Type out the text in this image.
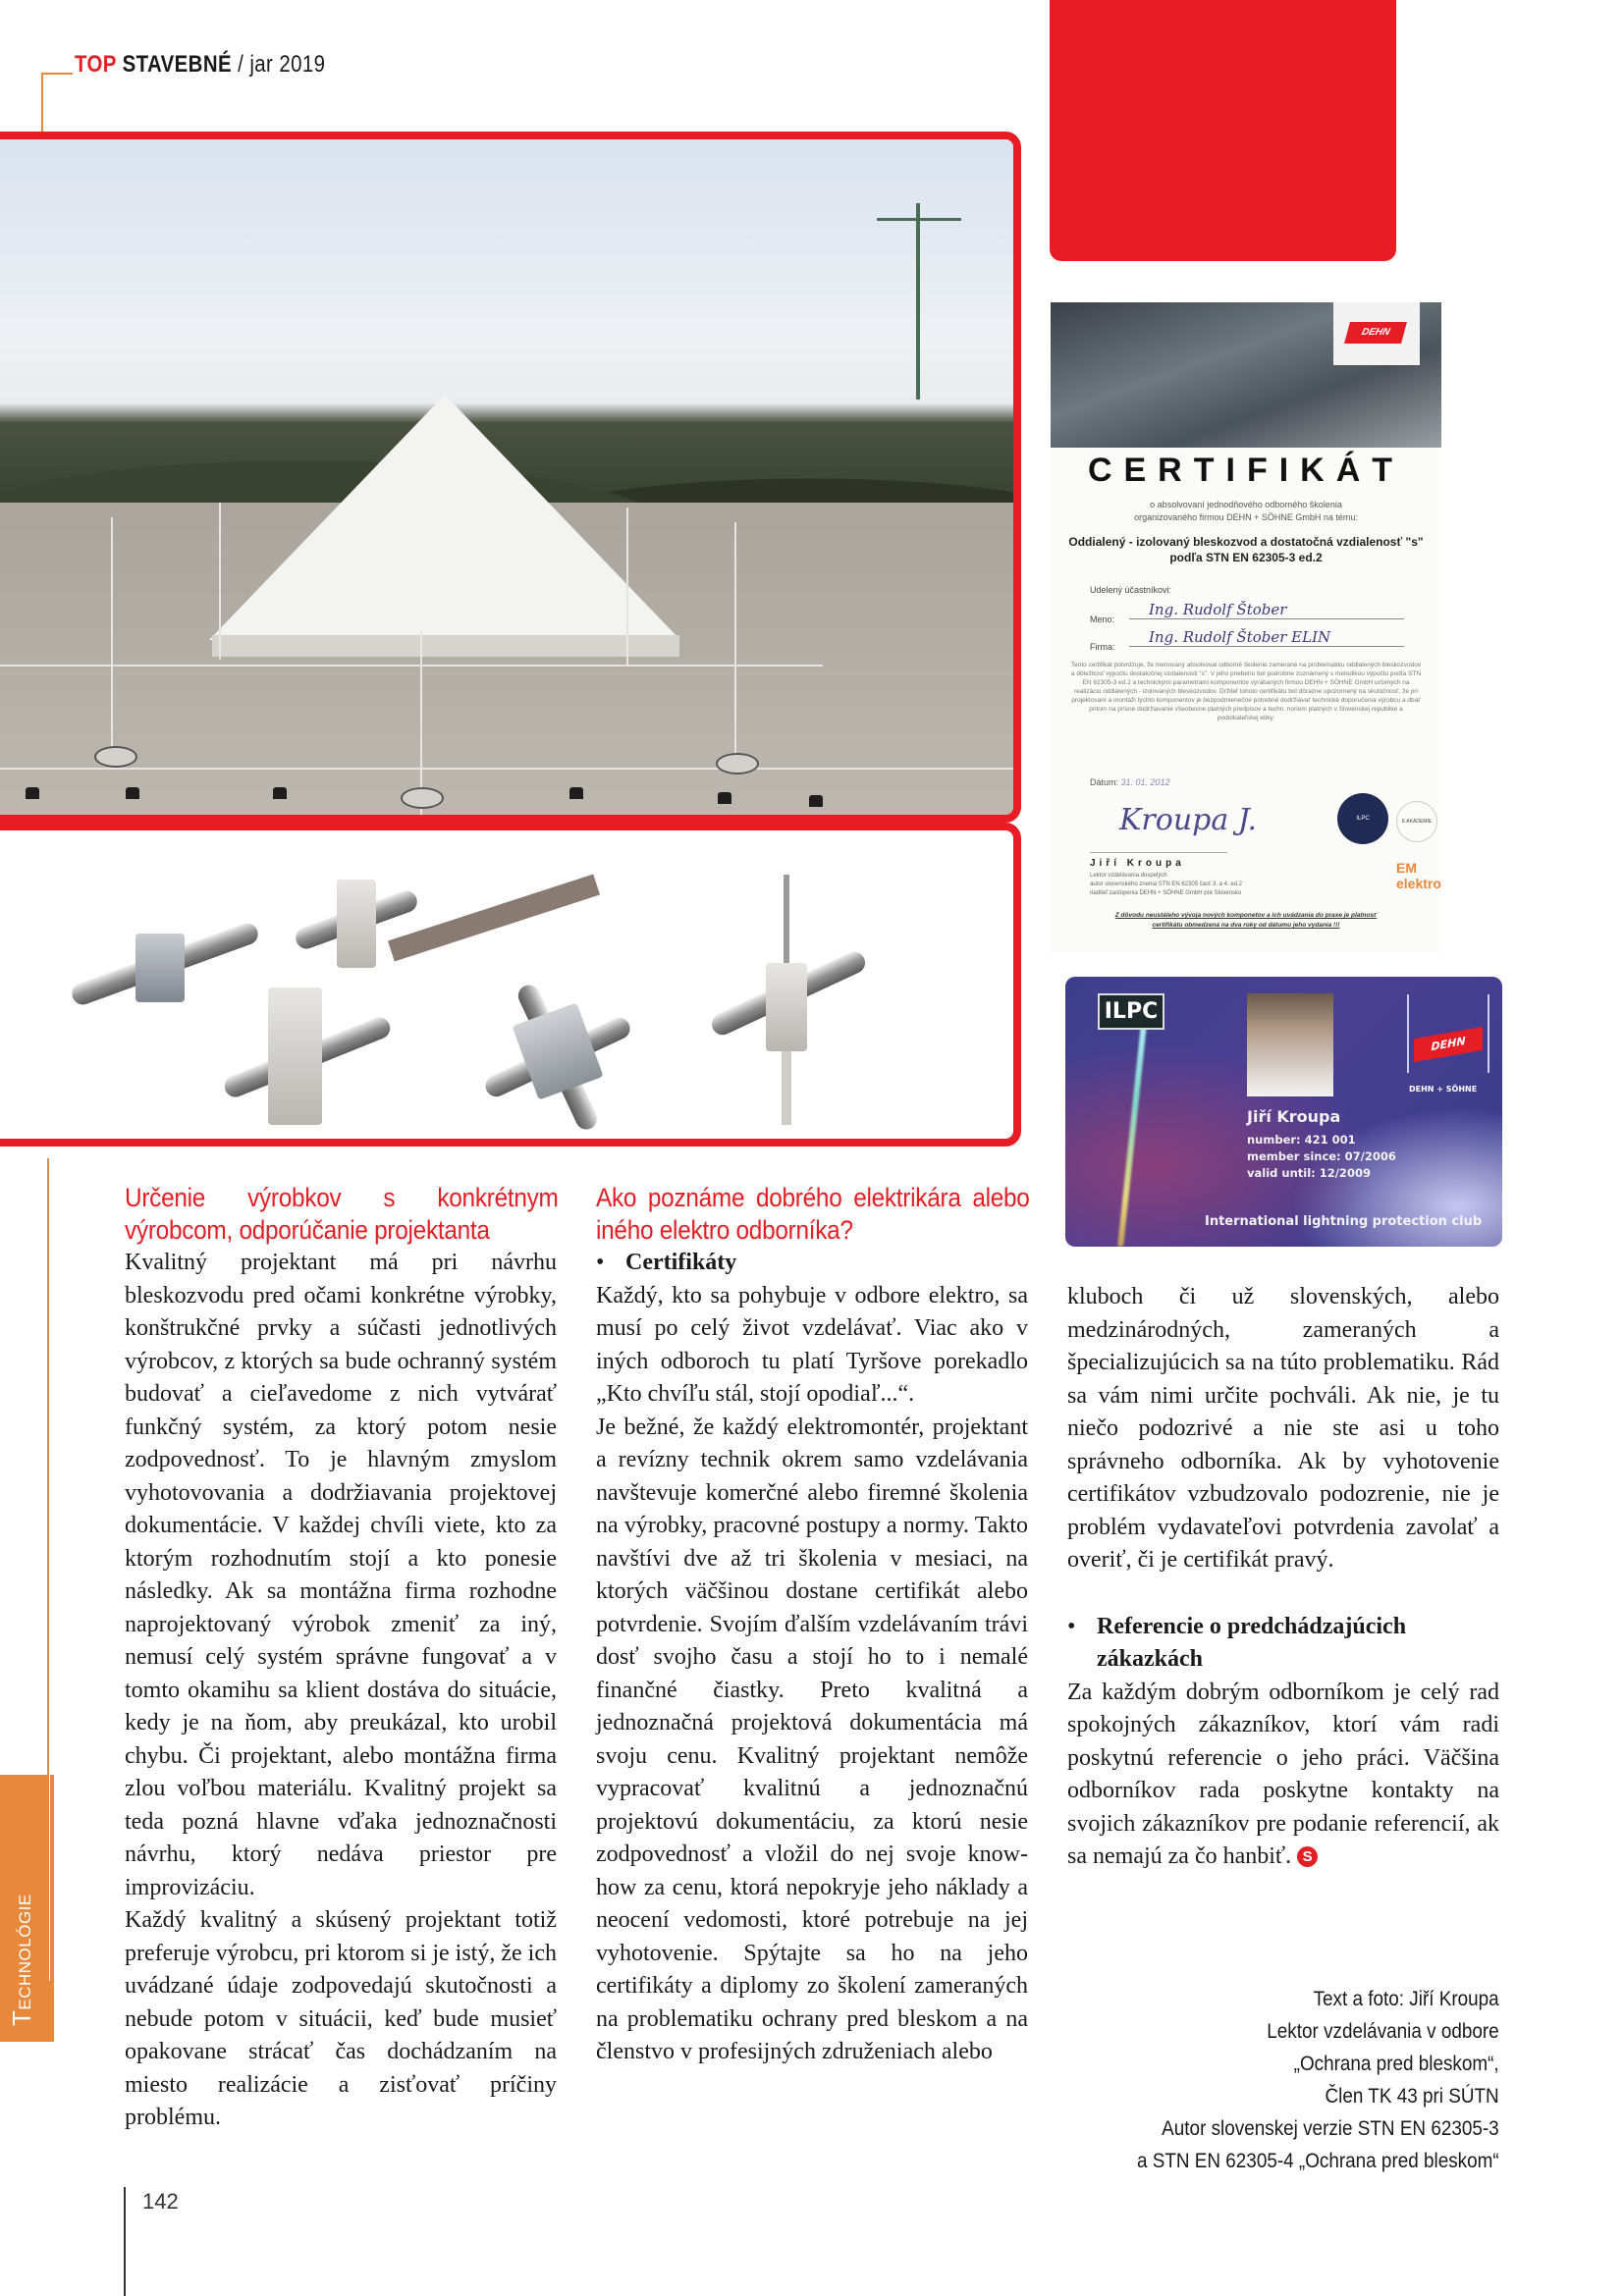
TOP STAVEBNÉ / jar 2019
DEHN
CERTIFIKÁT
o absolvovaní jednodňového odborného školenia
organizovaného firmou DEHN + SÖHNE GmbH na tému:
Oddialený - izolovaný bleskozvod a dostatočná vzdialenosť "s"
podľa STN EN 62305-3 ed.2
Udelený účastníkovi:
Meno:
Ing. Rudolf Štober
Firma:
Ing. Rudolf Štober ELIN
Tento certifikát potvrdzuje, že menovaný absolvoval odborné školenie zamerané na problematiku oddialených bleskozvodov a dôležitosť výpočtu dostatočnej vzdialenosti "s". V jeho priebehu bol podrobne zoznámený s metodikou výpočtu podľa STN EN 62305-3 ed.2 a technickými parametrami komponentov vyrábaných firmou DEHN + SÖHNE GmbH určených na realizáciu oddialených - izolovaných bleskozvodov. Držiteľ tohoto certifikátu bol dôrazne upozornený na skutočnosť, že pri projektovaní a montáži týchto komponentov je bezpodmienečne potrebné dodržiavať technické doporučenia výrobcu a dbať pritom na prísne dodržiavanie všeobecne platných predpisov a techn. noriem platných v Slovenskej republike a podnikateľskej etiky.
Dátum: 31. 01. 2012
Kroupa J.
Jiří Kroupa
Lektor vzdelávania dospelých
autor slovenského znenia STN EN 62305 časť 3. a 4. ed.2
riaditeľ zastúpenia DEHN + SÖHNE GmbH pre Slovensko
ILPC	E AKADEMIE
EM elektro
Z dôvodu neustáleho vývoja nových komponetov a ich uvádzania do praxe je platnosť
certifikátu obmedzená na dva roky od dátumu jeho vydania !!!
ILPC
DEHN
DEHN + SÖHNE
Jiří Kroupa
number: 421 001
member since: 07/2006
valid until: 12/2009
International lightning protection club
Určenie výrobkov s konkrétnym výrobcom, odporúčanie projektanta

Kvalitný projektant má pri návrhu bleskozvodu pred očami konkrétne výrobky, konštrukčné prvky a súčasti jednotlivých výrobcov, z ktorých sa bude ochranný systém budovať a cieľavedome z nich vytvárať funkčný systém, za ktorý potom nesie zodpovednosť. To je hlavným zmyslom vyhotovovania a dodržiavania projektovej dokumentácie. V každej chvíli viete, kto za ktorým rozhodnutím stojí a kto ponesie následky. Ak sa montážna firma rozhodne naprojektovaný výrobok zmeniť za iný, nemusí celý systém správne fungovať a v tomto okamihu sa klient dostáva do situácie, kedy je na ňom, aby preukázal, kto urobil chybu. Či projektant, alebo montážna firma zlou voľbou materiálu. Kvalitný projekt sa teda pozná hlavne vďaka jednoznačnosti návrhu, ktorý nedáva priestor pre improvizáciu.

Každý kvalitný a skúsený projektant totiž preferuje výrobcu, pri ktorom si je istý, že ich uvádzané údaje zodpovedajú skutočnosti a nebude potom v situácii, keď bude musieť opakovane strácať čas dochádzaním na miesto realizácie a zisťovať príčiny problému.

Ako poznáme dobrého elektrikára alebo iného elektro odborníka?
• Certifikáty

Každý, kto sa pohybuje v odbore elektro, sa musí po celý život vzdelávať. Viac ako v iných odboroch tu platí Tyršove porekadlo „Kto chvíľu stál, stojí opodiaľ...“.

Je bežné, že každý elektromontér, projektant a revízny technik okrem samo vzdelávania navštevuje komerčné alebo firemné školenia na výrobky, pracovné postupy a normy. Takto navštívi dve až tri školenia v mesiaci, na ktorých väčšinou dostane certifikát alebo potvrdenie. Svojím ďalším vzdelávaním trávi dosť svojho času a stojí ho to i nemalé finančné čiastky. Preto kvalitná a jednoznačná projektová dokumentácia má svoju cenu. Kvalitný projektant nemôže vypracovať kvalitnú a jednoznačnú projektovú dokumentáciu, za ktorú nesie zodpovednosť a vložil do nej svoje know-how za cenu, ktorá nepokryje jeho náklady a neocení vedomosti, ktoré potrebuje na jej vyhotovenie. Spýtajte sa ho na jeho certifikáty a diplomy zo školení zameraných na problematiku ochrany pred bleskom a na členstvo v profesijných združeniach alebo

kluboch či už slovenských, alebo medzinárodných, zameraných a špecializujúcich sa na túto problematiku. Rád sa vám nimi určite pochváli. Ak nie, je tu niečo podozrivé a nie ste asi u toho správneho odborníka. Ak by vyhotovenie certifikátov vzbudzovalo podozrenie, nie je problém vydavateľovi potvrdenia zavolať a overiť, či je certifikát pravý.

• Referencie o predchádzajúcich zákazkách

Za každým dobrým odborníkom je celý rad spokojných zákazníkov, ktorí vám radi poskytnú referencie o jeho práci. Väčšina odborníkov rada poskytne kontakty na svojich zákazníkov pre podanie referencií, ak sa nemajú za čo hanbiť. S

Text a foto: Jiří Kroupa
Lektor vzdelávania v odbore
„Ochrana pred bleskom“,
Člen TK 43 pri SÚTN
Autor slovenskej verzie STN EN 62305-3
a STN EN 62305-4 „Ochrana pred bleskom“
TECHNOLÓGIE
142
